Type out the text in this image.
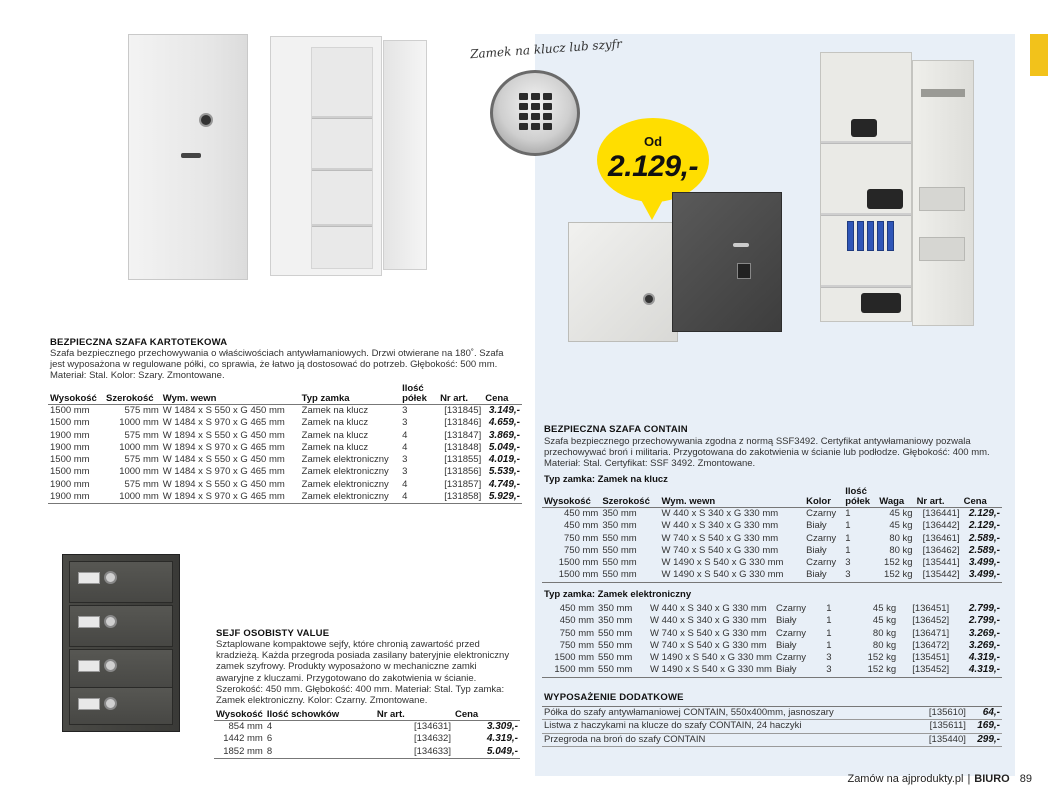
Zamek na klucz lub szyfr
Od
2.129,-
BEZPIECZNA SZAFA KARTOTEKOWA
Szafa bezpiecznego przechowywania o właściwościach antywłamaniowych. Drzwi otwierane na 180˚. Szafa jest wyposażona w regulowane półki, co sprawia, że łatwo ją dostosować do potrzeb. Głębokość: 500 mm. Materiał: Stal. Kolor: Szary. Zmontowane.
Wysokość	Szerokość	Wym. wewn	Typ zamka	Ilość półek	Nr art.	Cena
1500 mm	575 mm	W 1484 x S 550 x G 450 mm	Zamek na klucz	3	[131845]	3.149,-
1500 mm	1000 mm	W 1484 x S 970 x G 465 mm	Zamek na klucz	3	[131846]	4.659,-
1900 mm	575 mm	W 1894 x S 550 x G 450 mm	Zamek na klucz	4	[131847]	3.869,-
1900 mm	1000 mm	W 1894 x S 970 x G 465 mm	Zamek na klucz	4	[131848]	5.049,-
1500 mm	575 mm	W 1484 x S 550 x G 450 mm	Zamek elektroniczny	3	[131855]	4.019,-
1500 mm	1000 mm	W 1484 x S 970 x G 465 mm	Zamek elektroniczny	3	[131856]	5.539,-
1900 mm	575 mm	W 1894 x S 550 x G 450 mm	Zamek elektroniczny	4	[131857]	4.749,-
1900 mm	1000 mm	W 1894 x S 970 x G 465 mm	Zamek elektroniczny	4	[131858]	5.929,-
SEJF OSOBISTY VALUE
Sztaplowane kompaktowe sejfy, które chronią zawartość przed kradzieżą. Każda przegroda posiada zasilany bateryjnie elektroniczny zamek szyfrowy. Produkty wyposażono w mechaniczne zamki awaryjne z kluczami. Przygotowano do zakotwienia w ścianie. Szerokość: 450 mm. Głębokość: 400 mm. Materiał: Stal. Typ zamka: Zamek elektroniczny. Kolor: Czarny. Zmontowane.
Wysokość	Ilość schowków	Nr art.	Cena
854 mm	4	[134631]	3.309,-
1442 mm	6	[134632]	4.319,-
1852 mm	8	[134633]	5.049,-
BEZPIECZNA SZAFA CONTAIN
Szafa bezpiecznego przechowywania zgodna z normą SSF3492. Certyfikat antywłamaniowy pozwala przechowywać broń i militaria. Przygotowana do zakotwienia w ścianie lub podłodze. Głębokość: 400 mm. Materiał: Stal. Certyfikat: SSF 3492. Zmontowane.
Typ zamka: Zamek na klucz
Wysokość	Szerokość	Wym. wewn	Kolor	Ilość półek	Waga	Nr art.	Cena
450 mm	350 mm	W 440 x S 340 x G 330 mm	Czarny	1	45 kg	[136441]	2.129,-
450 mm	350 mm	W 440 x S 340 x G 330 mm	Biały	1	45 kg	[136442]	2.129,-
750 mm	550 mm	W 740 x S 540 x G 330 mm	Czarny	1	80 kg	[136461]	2.589,-
750 mm	550 mm	W 740 x S 540 x G 330 mm	Biały	1	80 kg	[136462]	2.589,-
1500 mm	550 mm	W 1490 x S 540 x G 330 mm	Czarny	3	152 kg	[135441]	3.499,-
1500 mm	550 mm	W 1490 x S 540 x G 330 mm	Biały	3	152 kg	[135442]	3.499,-
Typ zamka: Zamek elektroniczny
450 mm	350 mm	W 440 x S 340 x G 330 mm	Czarny	1	45 kg	[136451]	2.799,-
450 mm	350 mm	W 440 x S 340 x G 330 mm	Biały	1	45 kg	[136452]	2.799,-
750 mm	550 mm	W 740 x S 540 x G 330 mm	Czarny	1	80 kg	[136471]	3.269,-
750 mm	550 mm	W 740 x S 540 x G 330 mm	Biały	1	80 kg	[136472]	3.269,-
1500 mm	550 mm	W 1490 x S 540 x G 330 mm	Czarny	3	152 kg	[135451]	4.319,-
1500 mm	550 mm	W 1490 x S 540 x G 330 mm	Biały	3	152 kg	[135452]	4.319,-
WYPOSAŻENIE DODATKOWE
Półka do szafy antywłamaniowej CONTAIN, 550x400mm, jasnoszary	[135610]	64,-
Listwa z haczykami na klucze do szafy CONTAIN, 24 haczyki	[135611]	169,-
Przegroda na broń do szafy CONTAIN	[135440]	299,-
Zamów na ajprodukty.pl | BIURO 89
